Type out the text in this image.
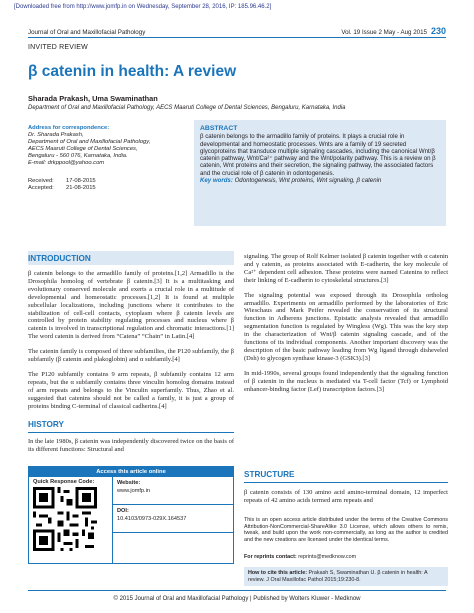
[Downloaded free from http://www.jomfp.in on Wednesday, September 28, 2016, IP: 185.96.46.2]
Journal of Oral and Maxillofacial Pathology	Vol. 19 Issue 2 May - Aug 2015 230
INVITED REVIEW
β catenin in health: A review
Sharada Prakash, Uma Swaminathan
Department of Oral and Maxillofacial Pathology, AECS Maaruti College of Dental Sciences, Bengaluru, Karnataka, India
Address for correspondence:
Dr. Sharada Prakash,
Department of Oral and Maxillofacial Pathology,
AECS Maaruti College of Dental Sciences,
Bengaluru - 560 076, Karnataka, India.
E-mail: drkppool@yahoo.com
Received: 17-08-2015
Accepted: 21-08-2015
ABSTRACT
β catenin belongs to the armadillo family of proteins. It plays a crucial role in developmental and homeostatic processes. Wnts are a family of 19 secreted glycoproteins that transduce multiple signaling cascades, including the canonical Wnt/β catenin pathway, Wnt/Ca²⁺ pathway and the Wnt/polarity pathway. This is a review on β catenin, Wnt proteins and their secretion, the signaling pathway, the associated factors and the crucial role of β catenin in odontogenesis.
Key words: Odontogenesis, Wnt proteins, Wnt signaling, β catenin
INTRODUCTION

β catenin belongs to the armadillo family of proteins.[1,2] Armadillo is the Drosophila homolog of vertebrate β catenin.[3] It is a multitasking and evolutionary conserved molecule and exerts a crucial role in a multitude of developmental and homeostatic processes.[1,2] It is found at multiple subcellular localizations, including junctions where it contributes to the stabilization of cell-cell contacts, cytoplasm where β catenin levels are controlled by protein stability regulating processes and nucleus where β catenin is involved in transcriptional regulation and chromatic interactions.[1] The word catenin is derived from “Catena” “Chain” in Latin.[4]

The catenin family is composed of three subfamilies, the P120 subfamily, the β subfamily (β catenin and plakoglobin) and α subfamily.[4]

The P120 subfamily contains 9 arm repeats, β subfamily contains 12 arm repeats, but the α subfamily contains three vinculin homolog domains instead of arm repeats and belongs to the Vinculin superfamily. Thus, Zhao et al. suggested that catenins should not be called a family, it is just a group of proteins binding C-terminal of classical cadherins.[4]

HISTORY

In the late 1980s, β catenin was independently discovered twice on the basis of its different functions: Structural and

Access this article online
Quick Response Code:	Website:
www.jomfp.in
DOI:
10.4103/0973-029X.164537

signaling. The group of Rolf Kelmer isolated β catenin together with α catenin and γ catenin, as proteins associated with E-cadherin, the key molecule of Ca²⁺ dependent cell adhesion. These proteins were named Catenins to reflect their linking of E-cadherin to cytoskeletal structures.[3]

The signaling potential was exposed through its Drosophila ortholog armadillo. Experiments on armadillo performed by the laboratories of Eric Wieschaus and Mark Peifer revealed the conservation of its structural function in Adherens junctions. Epistatic analysis revealed that armadillo segmentation function is regulated by Wingless (Wg). This was the key step in the characterization of Wnt/β catenin signaling cascade, and of the functions of its individual components. Another important discovery was the description of the basic pathway leading from Wg ligand through disheveled (Dsh) to glycogen synthase kinase-3 (GSK3).[3]

In mid-1990s, several groups found independently that the signaling function of β catenin in the nucleus is mediated via T-cell factor (Tcf) or Lymphoid enhancer-binding factor (Lef) transcription factors.[3]

STRUCTURE

β catenin consists of 130 amino acid amino-terminal domain, 12 imperfect repeats of 42 amino acids termed arm repeats and

This is an open access article distributed under the terms of the Creative Commons Attribution-NonCommercial-ShareAlike 3.0 License, which allows others to remix, tweak, and build upon the work non-commercially, as long as the author is credited and the new creations are licensed under the identical terms.
For reprints contact: reprints@medknow.com
How to cite this article: Prakash S, Swaminathan U. β catenin in health: A review. J Oral Maxillofac Pathol 2015;19:230-8.
© 2015 Journal of Oral and Maxillofacial Pathology | Published by Wolters Kluwer - Medknow
